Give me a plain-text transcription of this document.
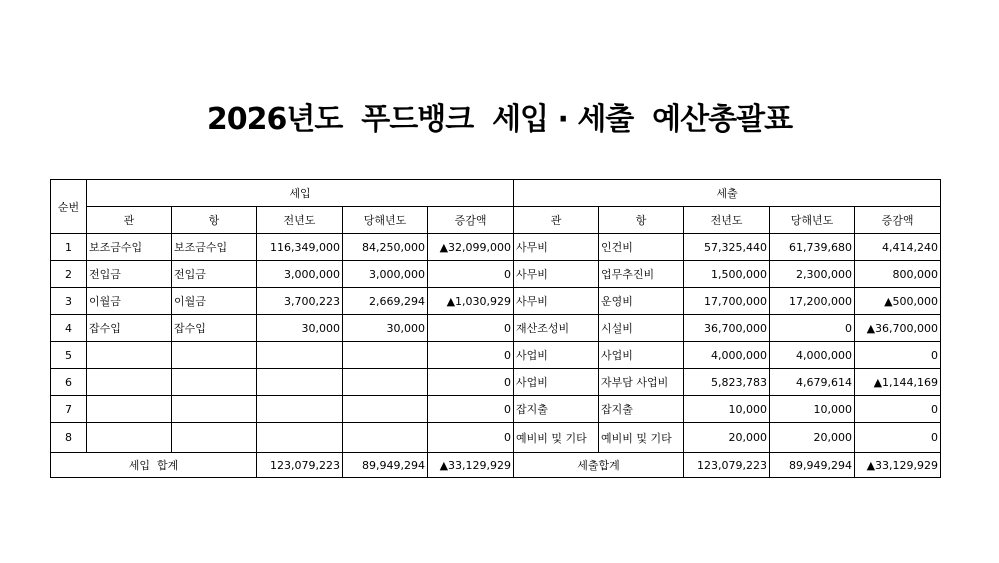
2026년도  푸드뱅크  세입 · 세출  예산총괄표
순번	세입					세출				
	관	항	전년도	당해년도	증감액	관	항	전년도	당해년도	증감액
1	보조금수입	보조금수입	116,349,000	84,250,000	▲32,099,000	사무비	인건비	57,325,440	61,739,680	4,414,240
2	전입금	전입금	3,000,000	3,000,000	0	사무비	업무추진비	1,500,000	2,300,000	800,000
3	이월금	이월금	3,700,223	2,669,294	▲1,030,929	사무비	운영비	17,700,000	17,200,000	▲500,000
4	잡수입	잡수입	30,000	30,000	0	재산조성비	시설비	36,700,000	0	▲36,700,000
5					0	사업비	사업비	4,000,000	4,000,000	0
6					0	사업비	자부담 사업비	5,823,783	4,679,614	▲1,144,169
7					0	잡지출	잡지출	10,000	10,000	0
8					0	예비비 및 기타	예비비 및 기타	20,000	20,000	0
세입  합계			123,079,223	89,949,294	▲33,129,929	세출합계		123,079,223	89,949,294	▲33,129,929
